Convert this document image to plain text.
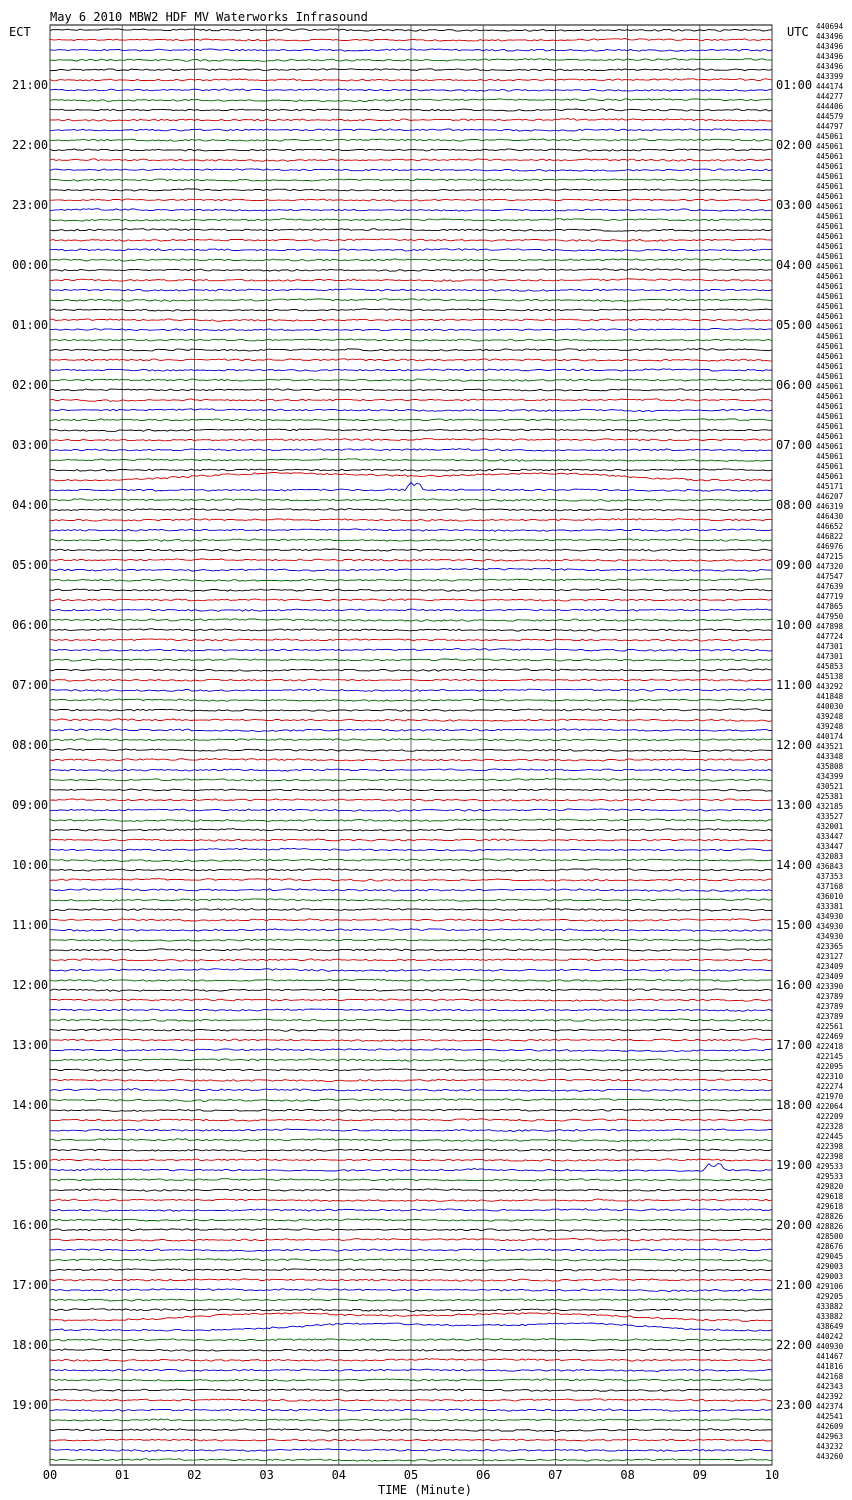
May 6 2010 MBW2 HDF MV Waterworks Infrasound
ECT	UTC
TIME (Minute)
00	01	02	03	04	05	06	07	08	09	10
21:00
22:00
23:00
00:00
01:00
02:00
03:00
04:00
05:00
06:00
07:00
08:00
09:00
10:00
11:00
12:00
13:00
14:00
15:00
16:00
17:00
18:00
19:00
01:00
02:00
03:00
04:00
05:00
06:00
07:00
08:00
09:00
10:00
11:00
12:00
13:00
14:00
15:00
16:00
17:00
18:00
19:00
20:00
21:00
22:00
23:00
440694
443496
443496
443496
443496
443399
444174
444277
444406
444579
444797
445061
445061
445061
445061
445061
445061
445061
445061
445061
445061
445061
445061
445061
445061
445061
445061
445061
445061
445061
445061
445061
445061
445061
445061
445061
445061
445061
445061
445061
445061
445061
445061
445061
445061
445061
445171
446207
446319
446430
446652
446822
446976
447215
447320
447547
447639
447719
447865
447950
447898
447724
447301
447301
445853
445138
443292
441848
440030
439248
439248
440174
443521
443348
435808
434399
430521
425381
432185
433527
432001
433447
433447
432083
436843
437353
437168
436010
433381
434930
434930
434930
423365
423127
423409
423409
423390
423789
423789
423789
422561
422469
422418
422145
422095
422310
422274
421970
422064
422209
422328
422445
422398
422398
429533
429533
429820
429618
429618
428826
428826
428500
428676
429045
429003
429003
429106
429205
433882
433882
438649
440242
440930
441467
441816
442168
442343
442392
442374
442541
442609
442963
443232
443260
